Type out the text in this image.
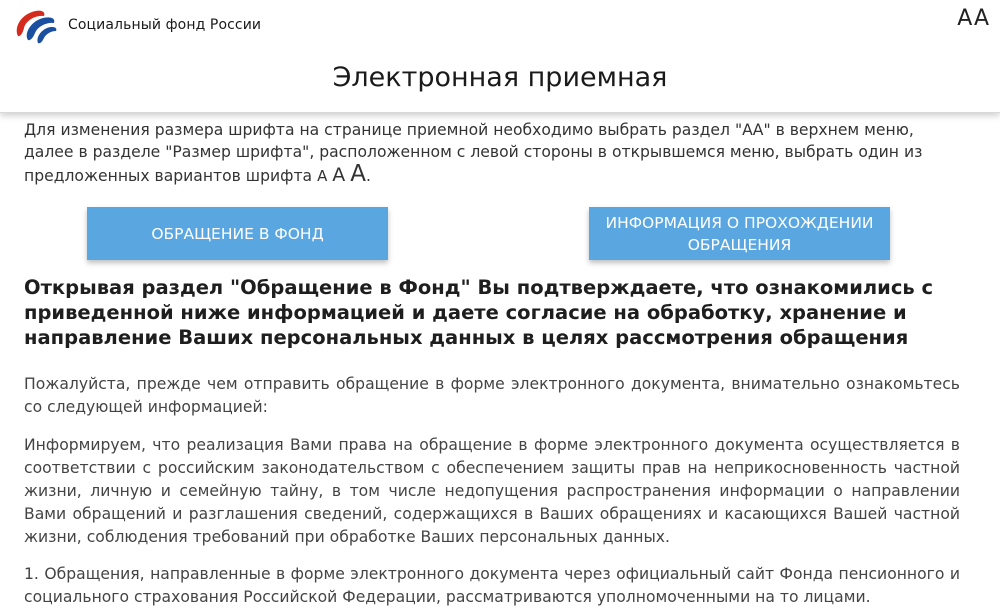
Социальный фонд России	AA
Электронная приемная

Для изменения размера шрифта на странице приемной необходимо выбрать раздел "АА" в верхнем меню, далее в разделе "Размер шрифта", расположенном с левой стороны в открывшемся меню, выбрать один из предложенных вариантов шрифта А А А.

ОБРАЩЕНИЕ В ФОНД
ИНФОРМАЦИЯ О ПРОХОЖДЕНИИ
ОБРАЩЕНИЯ

Открывая раздел "Обращение в Фонд" Вы подтверждаете, что ознакомились с приведенной ниже информацией и даете согласие на обработку, хранение и направление Ваших персональных данных в целях рассмотрения обращения

Пожалуйста, прежде чем отправить обращение в форме электронного документа, внимательно ознакомьтесь со следующей информацией:

Информируем, что реализация Вами права на обращение в форме электронного документа осуществляется в соответствии с российским законодательством с обеспечением защиты прав на неприкосновенность частной жизни, личную и семейную тайну, в том числе недопущения распространения информации о направлении Вами обращений и разглашения сведений, содержащихся в Ваших обращениях и касающихся Вашей частной жизни, соблюдения требований при обработке Ваших персональных данных.

1. Обращения, направленные в форме электронного документа через официальный сайт Фонда пенсионного и социального страхования Российской Федерации, рассматриваются уполномоченными на то лицами.
